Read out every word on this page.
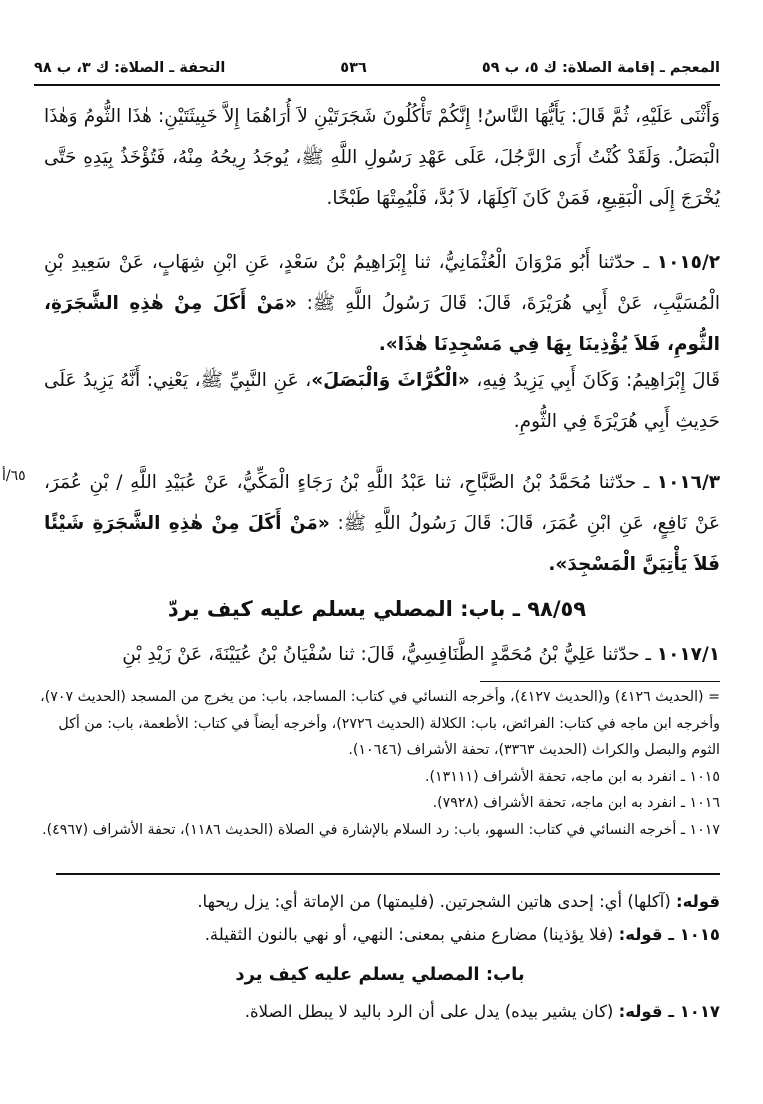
المعجم ـ إقامة الصلاة: ك ٥، ب ٥٩
٥٣٦
التحفة ـ الصلاة: ك ٣، ب ٩٨

وَأَثْنَى عَلَيْهِ، ثُمَّ قَالَ: يَأَيُّهَا النَّاسُ! إِنَّكُمْ تَأْكُلُونَ شَجَرَتَيْنِ لاَ أُرَاهُمَا إِلاَّ خَبِيثَتَيْنِ: هٰذَا الثُّومُ وَهٰذَا الْبَصَلُ. وَلَقَدْ كُنْتُ أَرَى الرَّجُلَ، عَلَى عَهْدِ رَسُولِ اللَّهِ ﷺ، يُوجَدُ رِيحُهُ مِنْهُ، فَتُؤْخَذُ بِيَدِهِ حَتَّى يُخْرَجَ إِلَى الْبَقِيعِ، فَمَنْ كَانَ آكِلَهَا، لاَ بُدَّ، فَلْيُمِتْهَا طَبْخًا.

١٠١٥/٢ ـ حدّثنا أَبُو مَرْوَانَ الْعُثْمَانِيُّ، ثنا إِبْرَاهِيمُ بْنُ سَعْدٍ، عَنِ ابْنِ شِهَابٍ، عَنْ سَعِيدِ بْنِ الْمُسَيَّبِ، عَنْ أَبِي هُرَيْرَةَ، قَالَ: قَالَ رَسُولُ اللَّهِ ﷺ: «مَنْ أَكَلَ مِنْ هٰذِهِ الشَّجَرَةِ، الثُّومِ، فَلاَ يُؤْذِينَا بِهَا فِي مَسْجِدِنَا هٰذَا».

قَالَ إِبْرَاهِيمُ: وَكَانَ أَبِي يَزِيدُ فِيهِ، «الْكُرَّاثَ وَالْبَصَلَ»، عَنِ النَّبِيِّ ﷺ، يَعْنِي: أَنَّهُ يَزِيدُ عَلَى حَدِيثِ أَبِي هُرَيْرَةَ فِي الثُّومِ.

٦٥/أ	١٠١٦/٣ ـ حدّثنا مُحَمَّدُ بْنُ الصَّبَّاحِ، ثنا عَبْدُ اللَّهِ بْنُ رَجَاءٍ الْمَكِّيُّ، عَنْ عُبَيْدِ اللَّهِ / بْنِ عُمَرَ، عَنْ نَافِعٍ، عَنِ ابْنِ عُمَرَ، قَالَ: قَالَ رَسُولُ اللَّهِ ﷺ: «مَنْ أَكَلَ مِنْ هٰذِهِ الشَّجَرَةِ شَيْئًا فَلاَ يَأْتِيَنَّ الْمَسْجِدَ».

٩٨/٥٩ ـ باب: المصلي يسلم عليه كيف يردّ

١٠١٧/١ ـ حدّثنا عَلِيُّ بْنُ مُحَمَّدٍ الطَّنَافِسِيُّ، قَالَ: ثنا سُفْيَانُ بْنُ عُيَيْنَةَ، عَنْ زَيْدِ بْنِ

= (الحديث ٤١٢٦) و(الحديث ٤١٢٧)، وأخرجه النسائي في كتاب: المساجد، باب: من يخرج من المسجد (الحديث ٧٠٧)، وأخرجه ابن ماجه في كتاب: الفرائض، باب: الكلالة (الحديث ٢٧٢٦)، وأخرجه أيضاً في كتاب: الأطعمة، باب: من أكل الثوم والبصل والكراث (الحديث ٣٣٦٣)، تحفة الأشراف (١٠٦٤٦).

١٠١٥ ـ انفرد به ابن ماجه، تحفة الأشراف (١٣١١١).

١٠١٦ ـ انفرد به ابن ماجه، تحفة الأشراف (٧٩٢٨).

١٠١٧ ـ أخرجه النسائي في كتاب: السهو، باب: رد السلام بالإشارة في الصلاة (الحديث ١١٨٦)، تحفة الأشراف (٤٩٦٧).

قوله: (آكلها) أي: إحدى هاتين الشجرتين. (فليمتها) من الإماتة أي: يزل ريحها.

١٠١٥ ـ قوله: (فلا يؤذينا) مضارع منفي بمعنى: النهي، أو نهي بالنون الثقيلة.

باب: المصلي يسلم عليه كيف يرد

١٠١٧ ـ قوله: (كان يشير بيده) يدل على أن الرد باليد لا يبطل الصلاة.
